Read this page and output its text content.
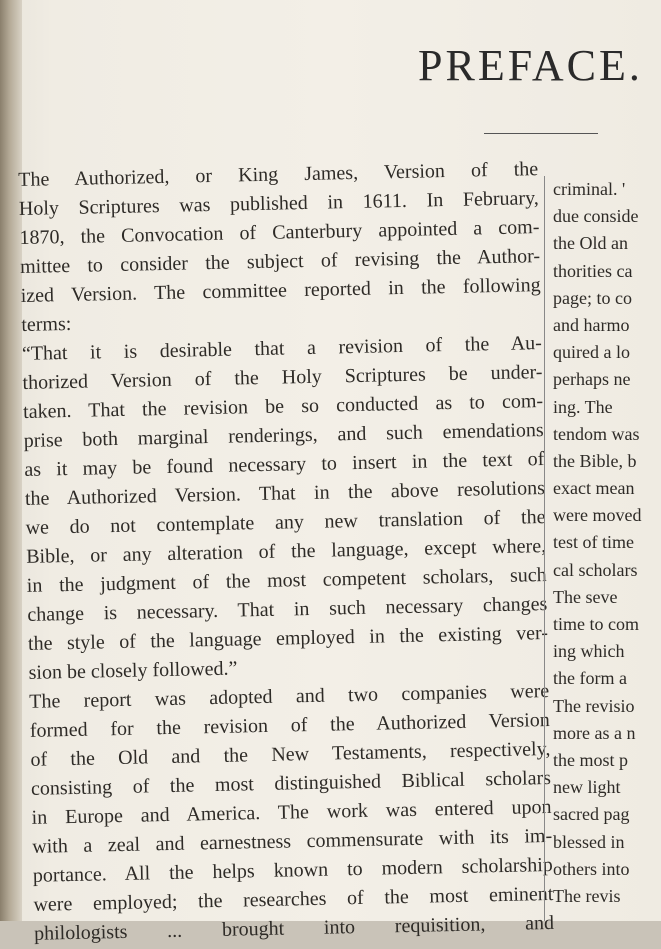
PREFACE.
The Authorized, or King James, Version of the
Holy Scriptures was published in 1611. In February,
1870, the Convocation of Canterbury appointed a com-
mittee to consider the subject of revising the Author-
ized Version. The committee reported in the following
terms:
“That it is desirable that a revision of the Au-
thorized Version of the Holy Scriptures be under-
taken. That the revision be so conducted as to com-
prise both marginal renderings, and such emendations
as it may be found necessary to insert in the text of
the Authorized Version. That in the above resolutions
we do not contemplate any new translation of the
Bible, or any alteration of the language, except where,
in the judgment of the most competent scholars, such
change is necessary. That in such necessary changes
the style of the language employed in the existing ver-
sion be closely followed.”
The report was adopted and two companies were
formed for the revision of the Authorized Version
of the Old and the New Testaments, respectively,
consisting of the most distinguished Biblical scholars
in Europe and America. The work was entered upon
with a zeal and earnestness commensurate with its im-
portance. All the helps known to modern scholarship
were employed; the researches of the most eminent
philologists ... brought into requisition, and
criminal. '
due conside
the Old an
thorities ca
page; to co
and harmo
quired a lo
perhaps ne
ing. The
tendom was
the Bible, b
exact mean
were moved
test of time
cal scholars
The seve
time to com
ing which
the form a
The revisio
more as a n
the most p
new light
sacred pag
blessed in
others into
The revis
